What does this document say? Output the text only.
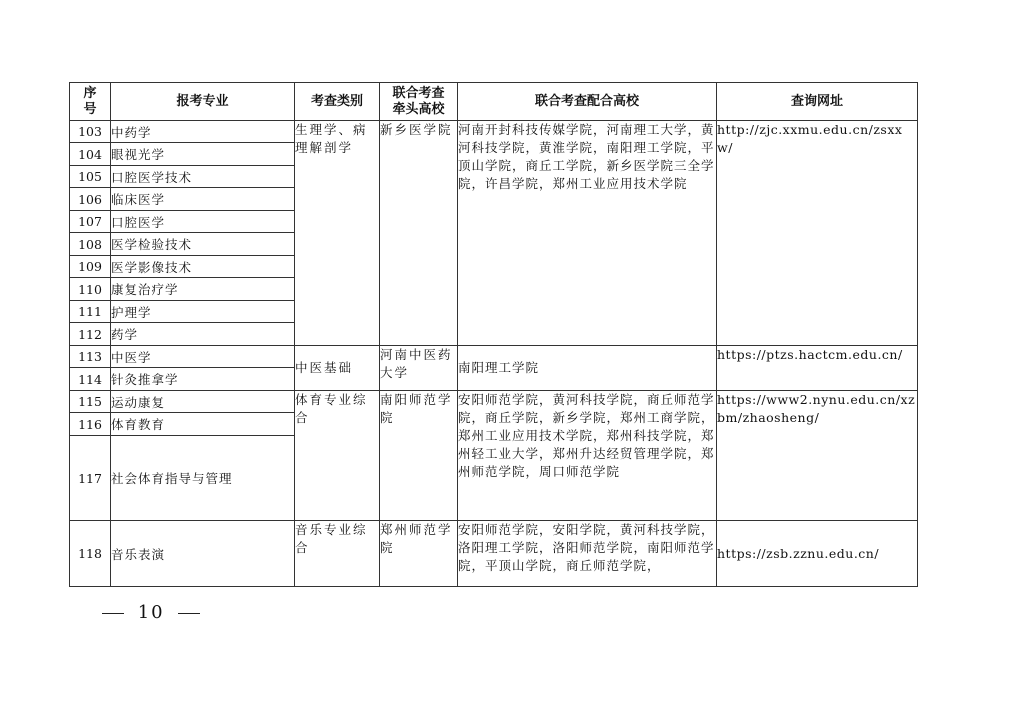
序号	报考专业	考查类别	联合考查牵头高校	联合考查配合高校	查询网址
103	中药学	生理学、病理解剖学	新乡医学院	河南开封科技传媒学院，河南理工大学，黄河科技学院，黄淮学院，南阳理工学院，平顶山学院，商丘工学院，新乡医学院三全学院，许昌学院，郑州工业应用技术学院	http://zjc.xxmu.edu.cn/zsxxw/
104	眼视光学				
105	口腔医学技术				
106	临床医学				
107	口腔医学				
108	医学检验技术				
109	医学影像技术				
110	康复治疗学				
111	护理学				
112	药学				
113	中医学	中医基础	河南中医药大学	南阳理工学院	https://ptzs.hactcm.edu.cn/
114	针灸推拿学				
115	运动康复	体育专业综合	南阳师范学院	安阳师范学院，黄河科技学院，商丘师范学院，商丘学院，新乡学院，郑州工商学院，郑州工业应用技术学院，郑州科技学院，郑州轻工业大学，郑州升达经贸管理学院，郑州师范学院，周口师范学院	https://www2.nynu.edu.cn/xzbm/zhaosheng/
116	体育教育				
117	社会体育指导与管理				
118	音乐表演	音乐专业综合	郑州师范学院	安阳师范学院，安阳学院，黄河科技学院，洛阳理工学院，洛阳师范学院，南阳师范学院，平顶山学院，商丘师范学院，	https://zsb.zznu.edu.cn/
10
